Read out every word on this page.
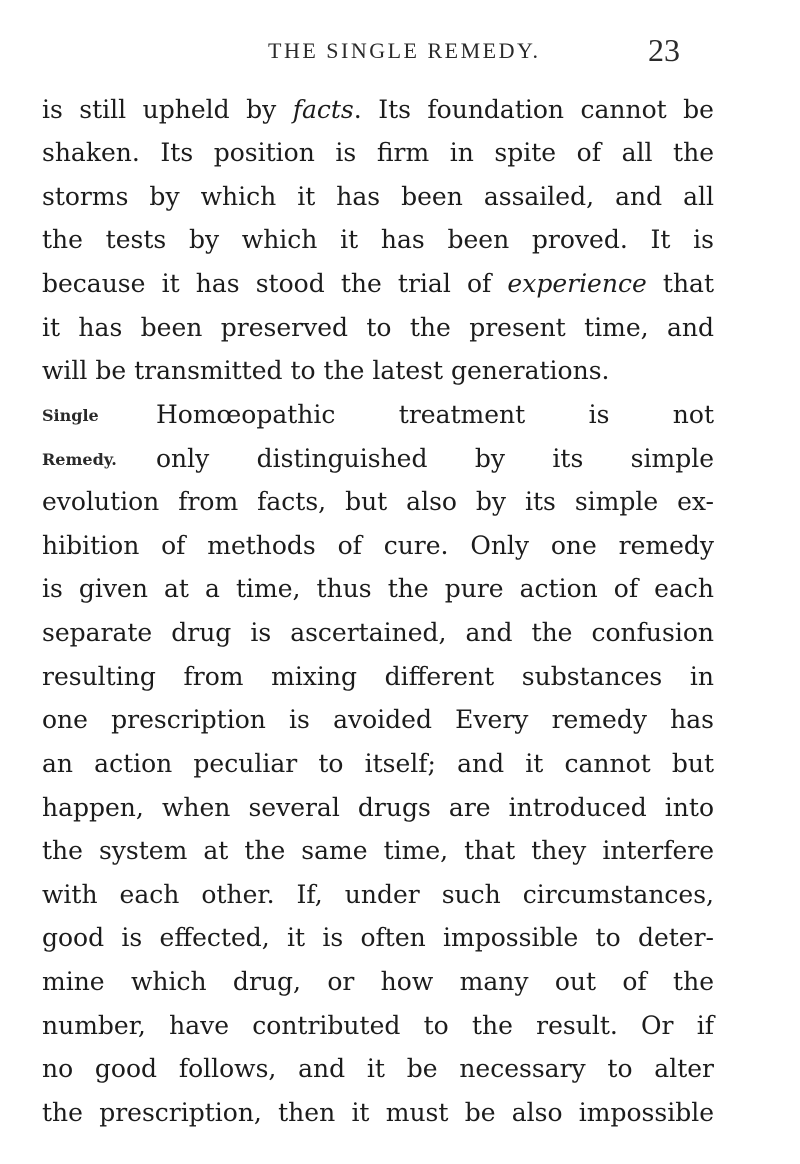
THE SINGLE REMEDY.	23
is still upheld by facts. Its foundation cannot be
shaken. Its position is firm in spite of all the
storms by which it has been assailed, and all
the tests by which it has been proved. It is
because it has stood the trial of experience that
it has been preserved to the present time, and
will be transmitted to the latest generations.
Single Homœopathic treatment is not
Remedy. only distinguished by its simple
evolution from facts, but also by its simple ex-
hibition of methods of cure. Only one remedy
is given at a time, thus the pure action of each
separate drug is ascertained, and the confusion
resulting from mixing different substances in
one prescription is avoided Every remedy has
an action peculiar to itself; and it cannot but
happen, when several drugs are introduced into
the system at the same time, that they interfere
with each other. If, under such circumstances,
good is effected, it is often impossible to deter-
mine which drug, or how many out of the
number, have contributed to the result. Or if
no good follows, and it be necessary to alter
the prescription, then it must be also impossible
